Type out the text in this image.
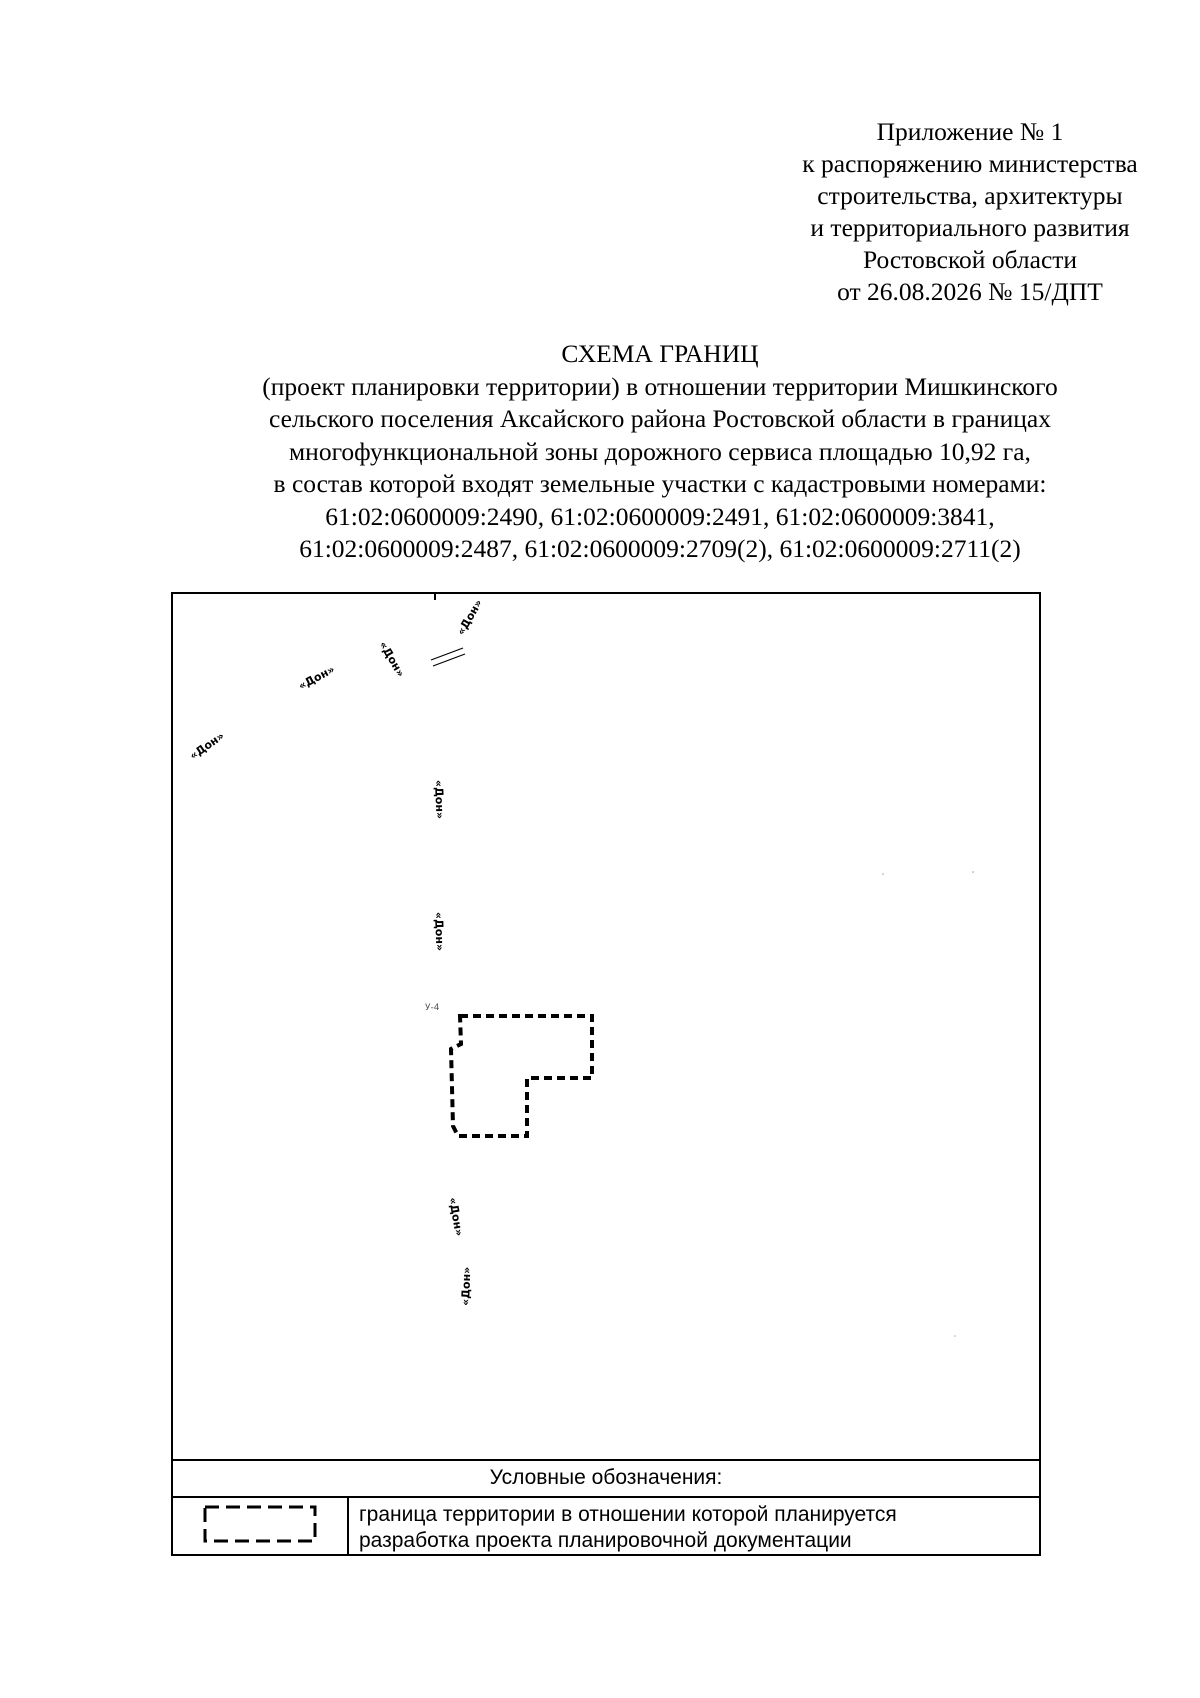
Приложение № 1
к распоряжению министерства
строительства, архитектуры
и территориального развития
Ростовской области
от 26.08.2026 № 15/ДПТ
СХЕМА ГРАНИЦ
(проект планировки территории) в отношении территории Мишкинского
сельского поселения Аксайского района Ростовской области в границах
многофункциональной зоны дорожного сервиса площадью 10,92 га,
в состав которой входят земельные участки с кадастровыми номерами:
61:02:0600009:2490, 61:02:0600009:2491, 61:02:0600009:3841,
61:02:0600009:2487, 61:02:0600009:2709(2), 61:02:0600009:2711(2)
У-4
«Дон»
«Дон»
«Дон»
«Дон»
«Дон»
«Дон»
«Дон»
«Дон»
Условные обозначения:
граница территории в отношении которой планируется
разработка проекта планировочной документации
